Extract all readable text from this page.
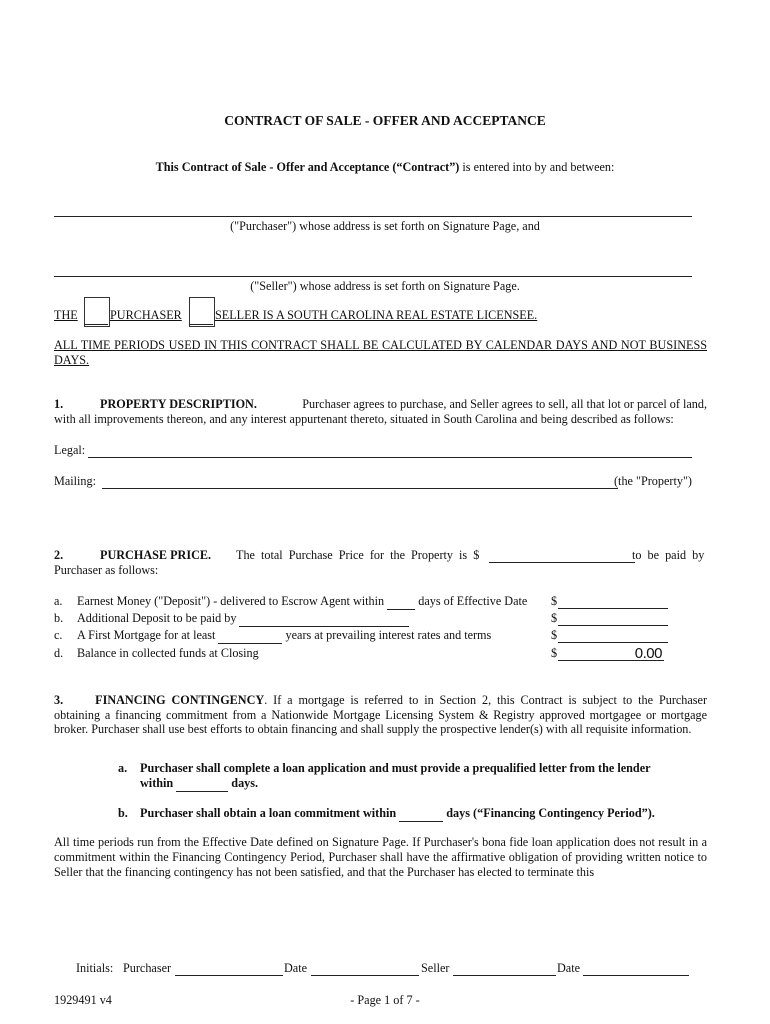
CONTRACT OF SALE - OFFER AND ACCEPTANCE
This Contract of Sale - Offer and Acceptance (“Contract”) is entered into by and between:
("Purchaser") whose address is set forth on Signature Page, and
("Seller") whose address is set forth on Signature Page.
THE	PURCHASER	SELLER IS A SOUTH CAROLINA REAL ESTATE LICENSEE.
ALL TIME PERIODS USED IN THIS CONTRACT SHALL BE CALCULATED BY CALENDAR DAYS AND NOT BUSINESS DAYS.
1.	PROPERTY DESCRIPTION.	Purchaser agrees to purchase, and Seller agrees to sell, all that lot or parcel of land,
with all improvements thereon, and any interest appurtenant thereto, situated in South Carolina and being described as follows:
Legal:
Mailing:	(the "Property")
2.	PURCHASE PRICE. The total Purchase Price for the Property is $	to be paid by
Purchaser as follows:
a. Earnest Money ("Deposit") - delivered to Escrow Agent within  days of Effective Date $
b. Additional Deposit to be paid by	$
c. A First Mortgage for at least	years at prevailing interest rates and terms	$
d. Balance in collected funds at Closing	$	0.00
3.	FINANCING CONTINGENCY. If a mortgage is referred to in Section 2, this Contract is subject to the Purchaser obtaining a financing commitment from a Nationwide Mortgage Licensing System & Registry approved mortgagee or mortgage broker. Purchaser shall use best efforts to obtain financing and shall supply the prospective lender(s) with all requisite information.
a. Purchaser shall complete a loan application and must provide a prequalified letter from the lender
within	days.
b. Purchaser shall obtain a loan commitment within	days (“Financing Contingency Period”).
All time periods run from the Effective Date defined on Signature Page. If Purchaser's bona fide loan application does not result in a commitment within the Financing Contingency Period, Purchaser shall have the affirmative obligation of providing written notice to Seller that the financing contingency has not been satisfied, and that the Purchaser has elected to terminate this
Initials: Purchaser	Date	Seller	Date
1929491 v4	- Page 1 of 7 -
